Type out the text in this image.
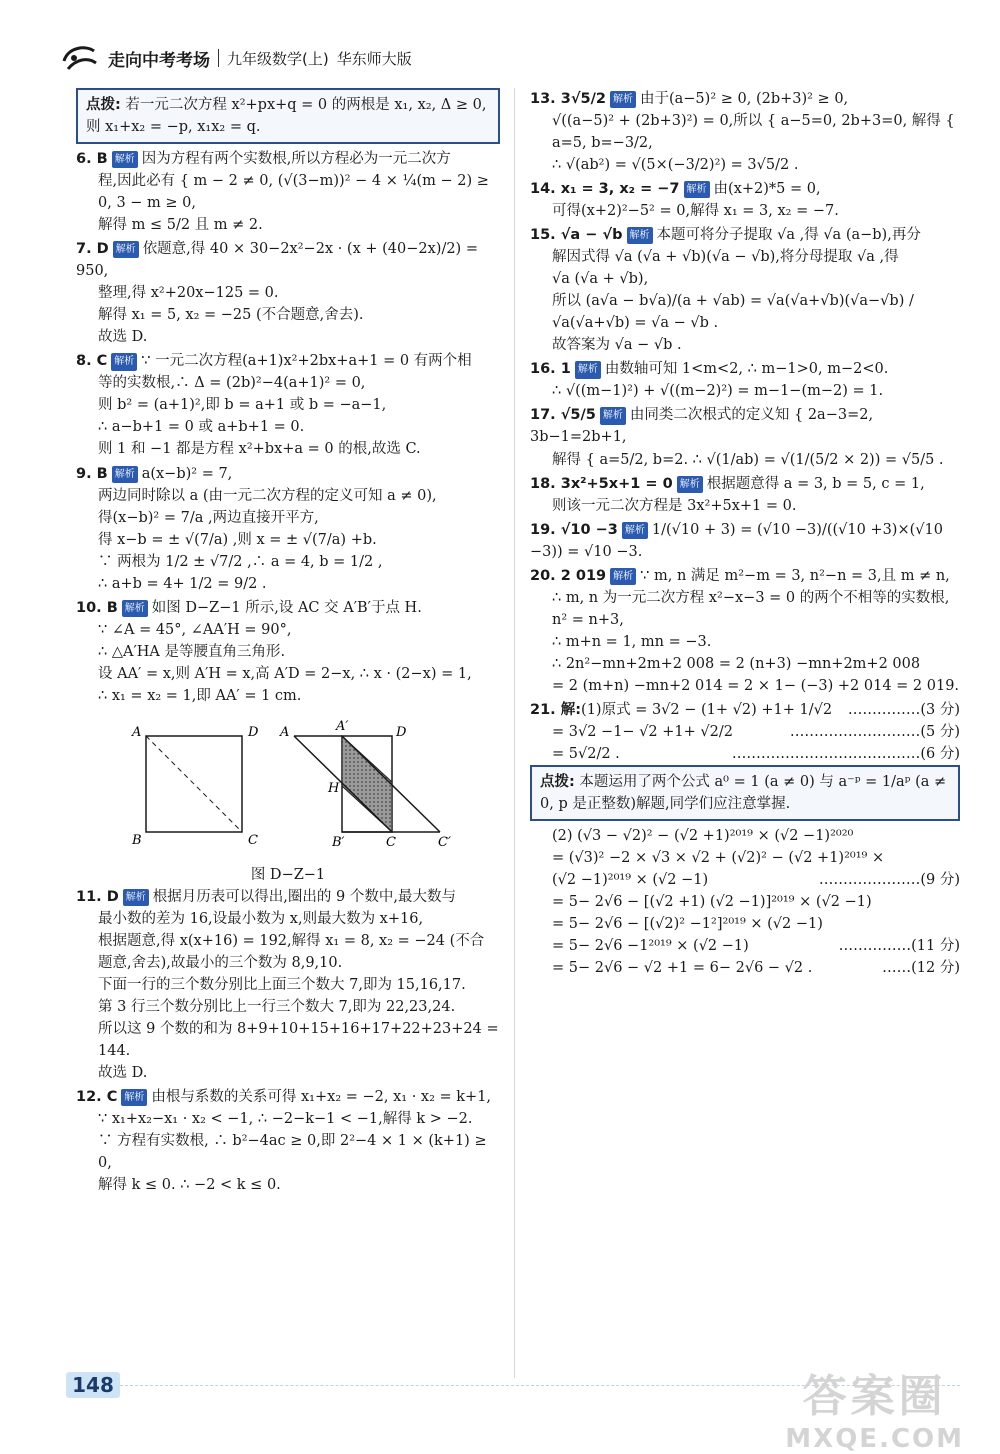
走向中考考场 九年级数学(上) 华东师大版
点拨: 若一元二次方程 x²+px+q = 0 的两根是 x₁, x₂, Δ ≥ 0,则 x₁+x₂ = −p, x₁x₂ = q.
6. B 解析 因为方程有两个实数根,所以方程必为一元二次方
程,因此必有 { m − 2 ≠ 0, (√(3−m))² − 4 × ¼(m − 2) ≥ 0, 3 − m ≥ 0,
解得 m ≤ 5/2 且 m ≠ 2.
7. D 解析 依题意,得 40 × 30−2x²−2x · (x + (40−2x)/2) = 950,
整理,得 x²+20x−125 = 0.
解得 x₁ = 5, x₂ = −25 (不合题意,舍去).
故选 D.
8. C 解析 ∵ 一元二次方程(a+1)x²+2bx+a+1 = 0 有两个相
等的实数根,∴ Δ = (2b)²−4(a+1)² = 0,
则 b² = (a+1)²,即 b = a+1 或 b = −a−1,
∴ a−b+1 = 0 或 a+b+1 = 0.
则 1 和 −1 都是方程 x²+bx+a = 0 的根,故选 C.
9. B 解析 a(x−b)² = 7,
两边同时除以 a (由一元二次方程的定义可知 a ≠ 0),
得(x−b)² = 7/a ,两边直接开平方,
得 x−b = ± √(7/a) ,则 x = ± √(7/a) +b.
∵ 两根为 1/2 ± √7/2 ,∴ a = 4, b = 1/2 ,
∴ a+b = 4+ 1/2 = 9/2 .
10. B 解析 如图 D−Z−1 所示,设 AC 交 A′B′于点 H.
∵ ∠A = 45°, ∠AA′H = 90°,
∴ △A′HA 是等腰直角三角形.
设 AA′ = x,则 A′H = x,高 A′D = 2−x, ∴ x · (2−x) = 1,
∴ x₁ = x₂ = 1,即 AA′ = 1 cm.
A	D
B	C
A′	D
A
H
B′	C	C′
图 D−Z−1
11. D 解析 根据月历表可以得出,圈出的 9 个数中,最大数与
最小数的差为 16,设最小数为 x,则最大数为 x+16,
根据题意,得 x(x+16) = 192,解得 x₁ = 8, x₂ = −24 (不合
题意,舍去),故最小的三个数为 8,9,10.
下面一行的三个数分别比上面三个数大 7,即为 15,16,17.
第 3 行三个数分别比上一行三个数大 7,即为 22,23,24.
所以这 9 个数的和为 8+9+10+15+16+17+22+23+24 = 144.
故选 D.
12. C 解析 由根与系数的关系可得 x₁+x₂ = −2, x₁ · x₂ = k+1,
∵ x₁+x₂−x₁ · x₂ < −1, ∴ −2−k−1 < −1,解得 k > −2.
∵ 方程有实数根, ∴ b²−4ac ≥ 0,即 2²−4 × 1 × (k+1) ≥ 0,
解得 k ≤ 0. ∴ −2 < k ≤ 0.
13. 3√5/2 解析 由于(a−5)² ≥ 0, (2b+3)² ≥ 0,
√((a−5)² + (2b+3)²) = 0,所以 { a−5=0, 2b+3=0, 解得 { a=5, b=−3/2,
∴ √(ab²) = √(5×(−3/2)²) = 3√5/2 .
14. x₁ = 3, x₂ = −7 解析 由(x+2)*5 = 0,
可得(x+2)²−5² = 0,解得 x₁ = 3, x₂ = −7.
15. √a − √b 解析 本题可将分子提取 √a ,得 √a (a−b),再分
解因式得 √a (√a + √b)(√a − √b),将分母提取 √a ,得
√a (√a + √b),
所以 (a√a − b√a)/(a + √ab) = √a(√a+√b)(√a−√b) / √a(√a+√b) = √a − √b .
故答案为 √a − √b .
16. 1 解析 由数轴可知 1<m<2, ∴ m−1>0, m−2<0.
∴ √((m−1)²) + √((m−2)²) = m−1−(m−2) = 1.
17. √5/5 解析 由同类二次根式的定义知 { 2a−3=2, 3b−1=2b+1,
解得 { a=5/2, b=2. ∴ √(1/ab) = √(1/(5/2 × 2)) = √5/5 .
18. 3x²+5x+1 = 0 解析 根据题意得 a = 3, b = 5, c = 1,
则该一元二次方程是 3x²+5x+1 = 0.
19. √10 −3 解析 1/(√10 + 3) = (√10 −3)/((√10 +3)×(√10 −3)) = √10 −3.
20. 2 019 解析 ∵ m, n 满足 m²−m = 3, n²−n = 3,且 m ≠ n,
∴ m, n 为一元二次方程 x²−x−3 = 0 的两个不相等的实数根,
n² = n+3,
∴ m+n = 1, mn = −3.
∴ 2n²−mn+2m+2 008 = 2 (n+3) −mn+2m+2 008
= 2 (m+n) −mn+2 014 = 2 × 1− (−3) +2 014 = 2 019.
21. 解:(1)原式 = 3√2 − (1+ √2) +1+ 1/√2 ……………(3 分)
= 3√2 −1− √2 +1+ √2/2	………………………(5 分)
= 5√2/2 .	…………………………………(6 分)
点拨: 本题运用了两个公式 a⁰ = 1 (a ≠ 0) 与 a⁻ᵖ = 1/aᵖ (a ≠ 0, p 是正整数)解题,同学们应注意掌握.
(2) (√3 − √2)² − (√2 +1)²⁰¹⁹ × (√2 −1)²⁰²⁰
= (√3)² −2 × √3 × √2 + (√2)² − (√2 +1)²⁰¹⁹ ×
(√2 −1)²⁰¹⁹ × (√2 −1)	…………………(9 分)
= 5− 2√6 − [(√2 +1) (√2 −1)]²⁰¹⁹ × (√2 −1)
= 5− 2√6 − [(√2)² −1²]²⁰¹⁹ × (√2 −1)
= 5− 2√6 −1²⁰¹⁹ × (√2 −1)	……………(11 分)
= 5− 2√6 − √2 +1 = 6− 2√6 − √2 .	……(12 分)
148	答案圈
MXQE.COM
